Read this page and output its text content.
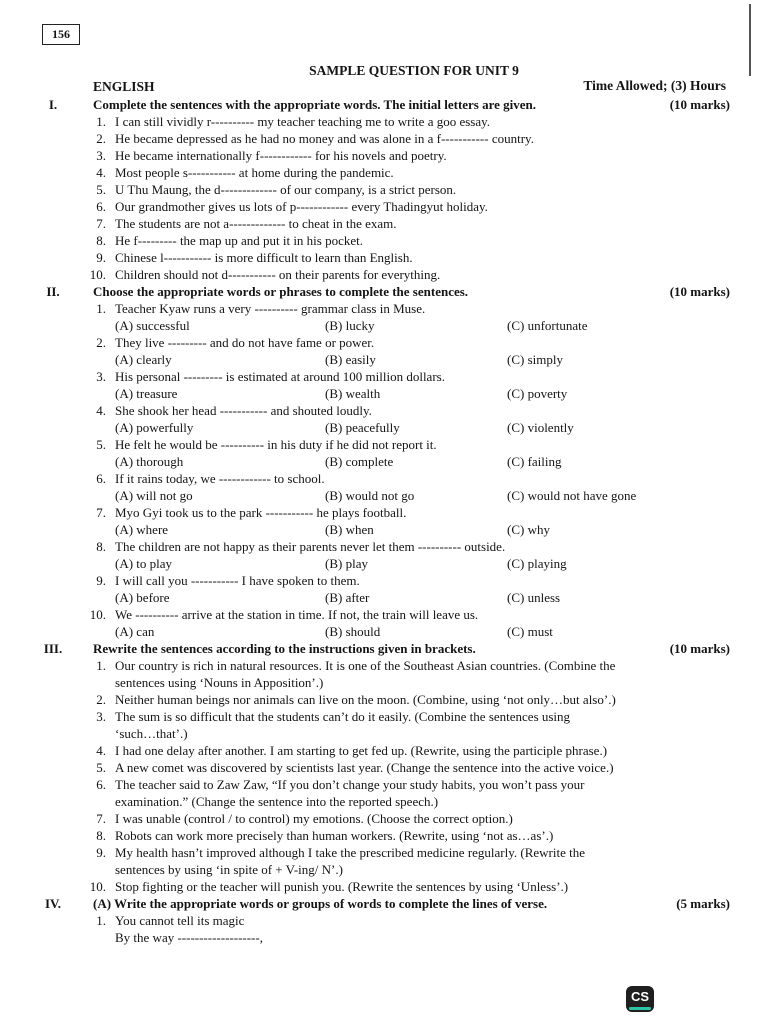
156
SAMPLE QUESTION FOR UNIT 9
ENGLISH	Time Allowed; (3) Hours
I.	Complete the sentences with the appropriate words. The initial letters are given.	(10 marks)
1. I can still vividly r---------- my teacher teaching me to write a goo essay.
2. He became depressed as he had no money and was alone in a f----------- country.
3. He became internationally f------------ for his novels and poetry.
4. Most people s----------- at home during the pandemic.
5. U Thu Maung, the d------------- of our company, is a strict person.
6. Our grandmother gives us lots of p------------ every Thadingyut holiday.
7. The students are not a------------- to cheat in the exam.
8. He f--------- the map up and put it in his pocket.
9. Chinese l----------- is more difficult to learn than English.
10. Children should not d----------- on their parents for everything.
II.	Choose the appropriate words or phrases to complete the sentences.	(10 marks)
1. Teacher Kyaw runs a very ---------- grammar class in Muse.
(A) successful	(B) lucky	(C) unfortunate
2. They live --------- and do not have fame or power.
(A) clearly	(B) easily	(C) simply
3. His personal --------- is estimated at around 100 million dollars.
(A) treasure	(B) wealth	(C) poverty
4. She shook her head ----------- and shouted loudly.
(A) powerfully	(B) peacefully	(C) violently
5. He felt he would be ---------- in his duty if he did not report it.
(A) thorough	(B) complete	(C) failing
6. If it rains today, we ------------ to school.
(A) will not go	(B) would not go	(C) would not have gone
7. Myo Gyi took us to the park ----------- he plays football.
(A) where	(B) when	(C) why
8. The children are not happy as their parents never let them ---------- outside.
(A) to play	(B) play	(C) playing
9. I will call you ----------- I have spoken to them.
(A) before	(B) after	(C) unless
10. We ---------- arrive at the station in time. If not, the train will leave us.
(A) can	(B) should	(C) must
III. Rewrite the sentences according to the instructions given in brackets.	(10 marks)
1. Our country is rich in natural resources. It is one of the Southeast Asian countries. (Combine the
sentences using ‘Nouns in Apposition’.)
2. Neither human beings nor animals can live on the moon. (Combine, using ‘not only…but also’.)
3. The sum is so difficult that the students can’t do it easily. (Combine the sentences using
‘such…that’.)
4. I had one delay after another. I am starting to get fed up. (Rewrite, using the participle phrase.)
5. A new comet was discovered by scientists last year. (Change the sentence into the active voice.)
6. The teacher said to Zaw Zaw, “If you don’t change your study habits, you won’t pass your
examination.” (Change the sentence into the reported speech.)
7. I was unable (control / to control) my emotions. (Choose the correct option.)
8. Robots can work more precisely than human workers. (Rewrite, using ‘not as…as’.)
9. My health hasn’t improved although I take the prescribed medicine regularly. (Rewrite the
sentences by using ‘in spite of + V-ing/ N’.)
10. Stop fighting or the teacher will punish you. (Rewrite the sentences by using ‘Unless’.)
IV.	(A) Write the appropriate words or groups of words to complete the lines of verse.	(5 marks)
1. You cannot tell its magic
By the way -------------------,
CS
